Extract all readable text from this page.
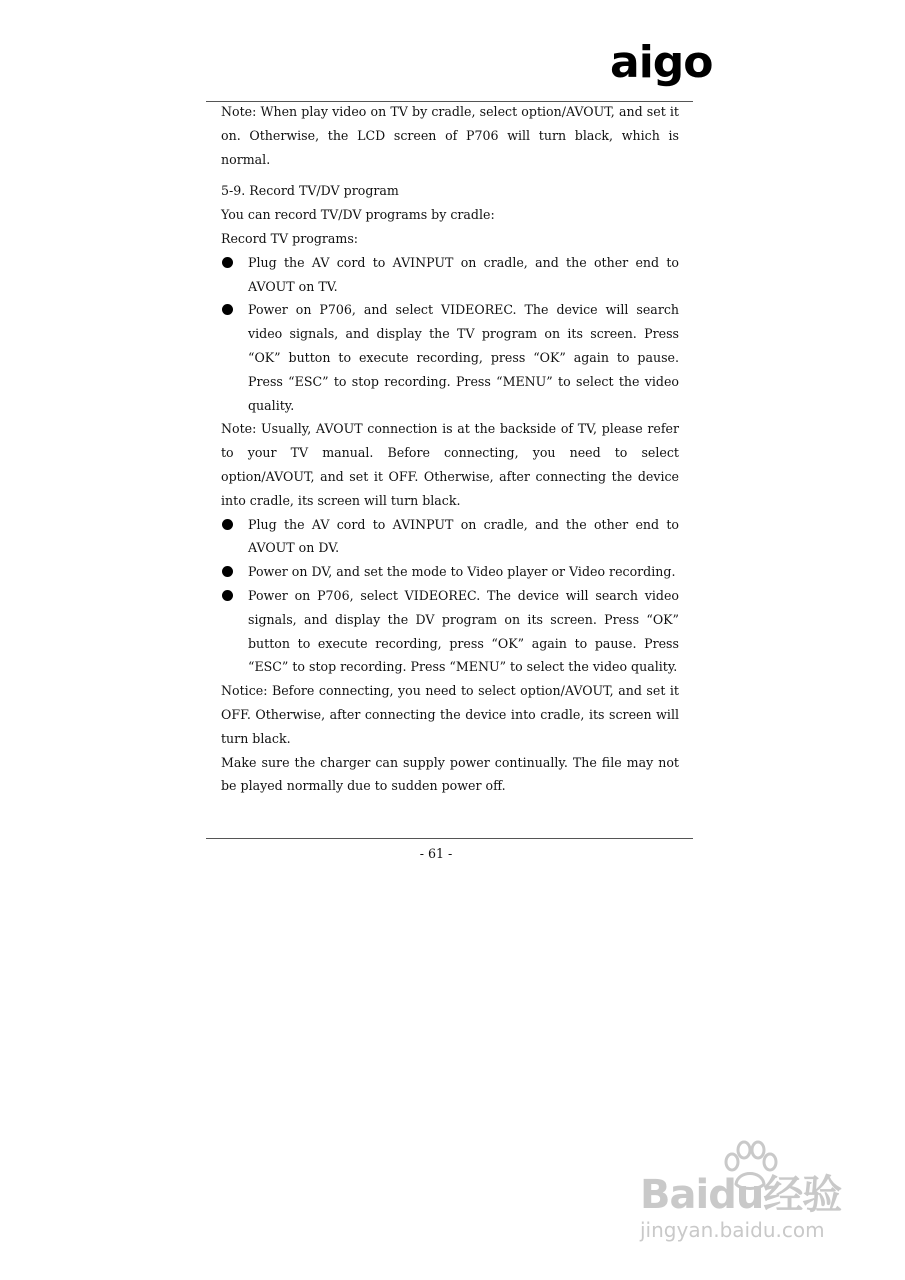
aigo

Note: When play video on TV by cradle, select option/AVOUT, and set it on. Otherwise, the LCD screen of P706 will turn black, which is normal.

5-9. Record TV/DV program

You can record TV/DV programs by cradle:

Record TV programs:

Plug the AV cord to AVINPUT on cradle, and the other end to AVOUT on TV.

Power on P706, and select VIDEOREC. The device will search video signals, and display the TV program on its screen. Press “OK” button to execute recording, press “OK” again to pause. Press “ESC” to stop recording. Press “MENU” to select the video quality.

Note: Usually, AVOUT connection is at the backside of TV, please refer to your TV manual. Before connecting, you need to select option/AVOUT, and set it OFF. Otherwise, after connecting the device into cradle, its screen will turn black.

Plug the AV cord to AVINPUT on cradle, and the other end to AVOUT on DV.

Power on DV, and set the mode to Video player or Video recording.

Power on P706, select VIDEOREC. The device will search video signals, and display the DV program on its screen. Press “OK” button to execute recording, press “OK” again to pause. Press “ESC” to stop recording. Press “MENU” to select the video quality.

Notice: Before connecting, you need to select option/AVOUT, and set it OFF. Otherwise, after connecting the device into cradle, its screen will turn black.

Make sure the charger can supply power continually. The file may not be played normally due to sudden power off.

- 61 -
Baidu经验
jingyan.baidu.com
